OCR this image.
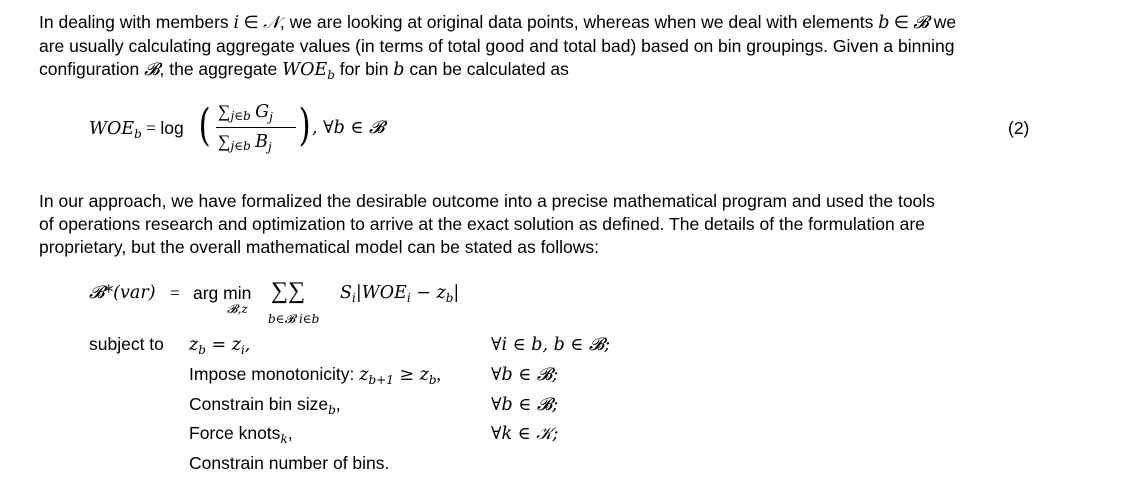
In dealing with members i ∈ 𝒩, we are looking at original data points, whereas when we deal with elements b ∈ 𝓑 we
are usually calculating aggregate values (in terms of total good and total bad) based on bin groupings. Given a binning
configuration 𝓑, the aggregate $WOE_b$ for bin b can be calculated as
$WOE_b = \log$ ( ∑j∈b $G_j$
∑j∈b $B_j$ ) , ∀b ∈ 𝓑	(2)
In our approach, we have formalized the desirable outcome into a precise mathematical program and used the tools
of operations research and optimization to arrive at the exact solution as defined. The details of the formulation are
proprietary, but the overall mathematical model can be stated as follows:
𝓑*(var) = arg min
𝓑,z
∑∑
b∈𝓑 i∈b
$S_i|WOE_i - z_b|$
subject to $z_b = z_i$,	∀i ∈ b, b ∈ 𝓑;
Impose monotonicity: $z_{b+1} \ge z_b$,	∀b ∈ 𝓑;
Constrain bin size$_b$,	∀b ∈ 𝓑;
Force knots$_k$,	∀k ∈ 𝒦;
Constrain number of bins.
